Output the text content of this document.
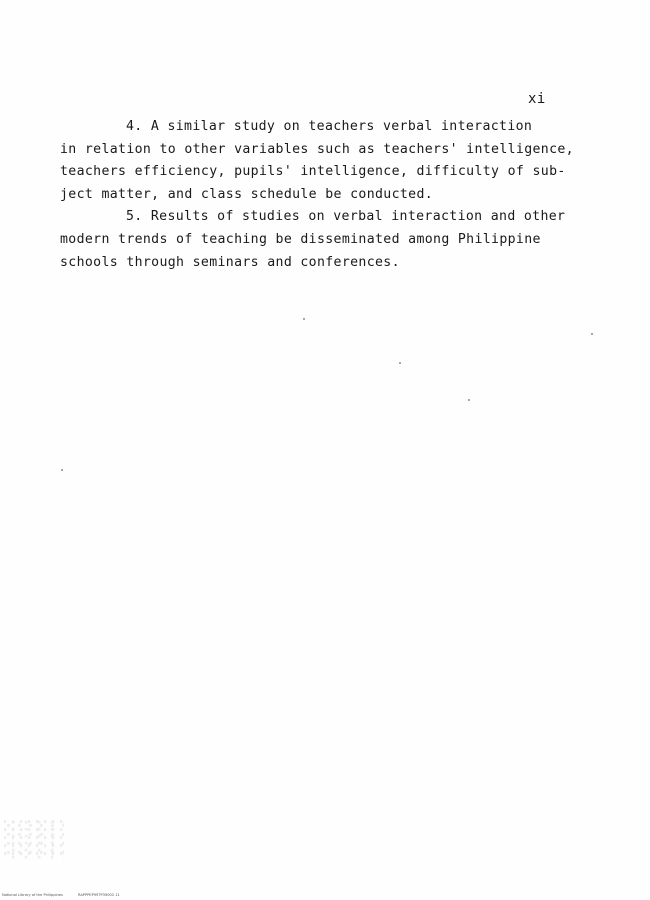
xi
4. A similar study on teachers verbal interaction
in relation to other variables such as teachers' intelligence,
teachers efficiency, pupils' intelligence, difficulty of sub-
ject matter, and class schedule be conducted.
5. Results of studies on verbal interaction and other
modern trends of teaching be disseminated among Philippine
schools through seminars and conferences.
National Library of the Philippines	RAPPPEP99TP39002 11
